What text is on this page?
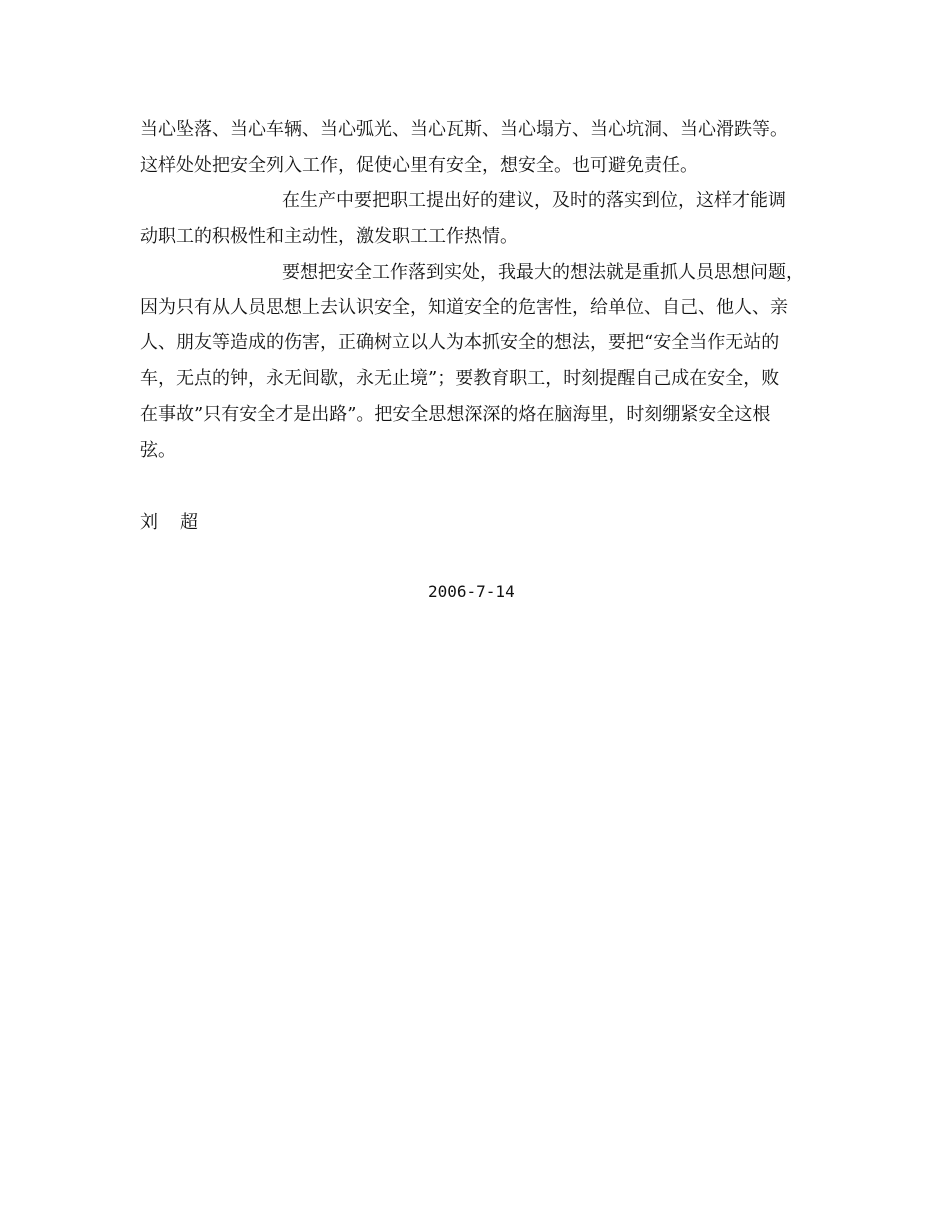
当心坠落、当心车辆、当心弧光、当心瓦斯、当心塌方、当心坑洞、当心滑跌等。
这样处处把安全列入工作，促使心里有安全，想安全。也可避免责任。
在生产中要把职工提出好的建议，及时的落实到位，这样才能调
动职工的积极性和主动性，激发职工工作热情。
要想把安全工作落到实处，我最大的想法就是重抓人员思想问题，
因为只有从人员思想上去认识安全，知道安全的危害性，给单位、自己、他人、亲
人、朋友等造成的伤害，正确树立以人为本抓安全的想法，要把“安全当作无站的
车，无点的钟，永无间歇，永无止境”；要教育职工，时刻提醒自己成在安全，败
在事故”只有安全才是出路”。把安全思想深深的烙在脑海里，时刻绷紧安全这根
弦。
刘超
2006-7-14
